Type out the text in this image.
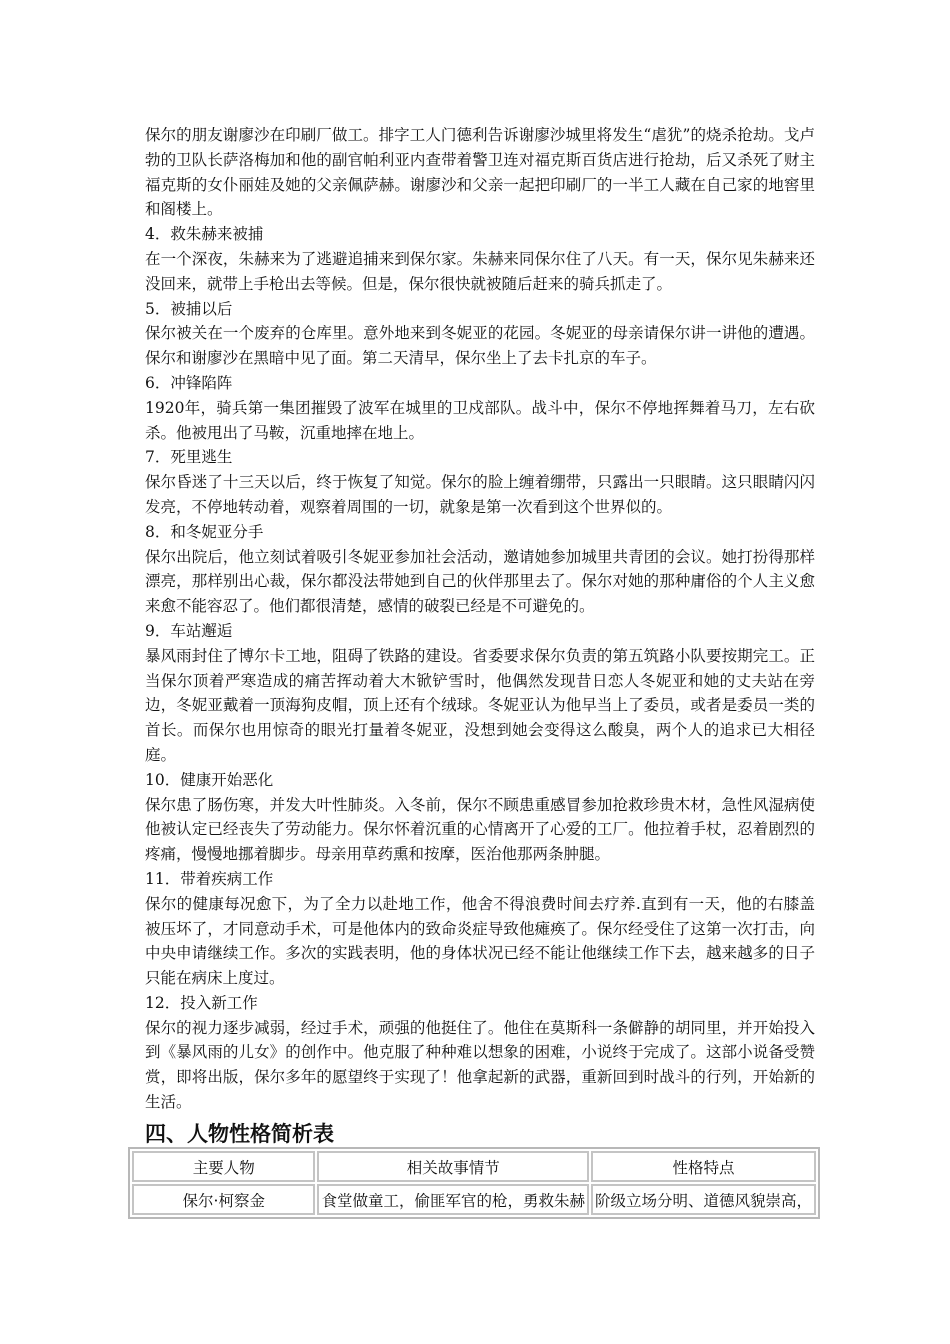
保尔的朋友谢廖沙在印刷厂做工。排字工人门德利告诉谢廖沙城里将发生“虐犹”的烧杀抢劫。戈卢勃的卫队长萨洛梅加和他的副官帕利亚内查带着警卫连对福克斯百货店进行抢劫，后又杀死了财主福克斯的女仆丽娃及她的父亲佩萨赫。谢廖沙和父亲一起把印刷厂的一半工人藏在自己家的地窖里和阁楼上。

4．救朱赫来被捕

在一个深夜，朱赫来为了逃避追捕来到保尔家。朱赫来同保尔住了八天。有一天，保尔见朱赫来还没回来，就带上手枪出去等候。但是，保尔很快就被随后赶来的骑兵抓走了。

5．被捕以后

保尔被关在一个废弃的仓库里。意外地来到冬妮亚的花园。冬妮亚的母亲请保尔讲一讲他的遭遇。保尔和谢廖沙在黑暗中见了面。第二天清早，保尔坐上了去卡扎京的车子。

6．冲锋陷阵

1920年，骑兵第一集团摧毁了波军在城里的卫戍部队。战斗中，保尔不停地挥舞着马刀，左右砍杀。他被甩出了马鞍，沉重地摔在地上。

7．死里逃生

保尔昏迷了十三天以后，终于恢复了知觉。保尔的脸上缠着绷带，只露出一只眼睛。这只眼睛闪闪发亮，不停地转动着，观察着周围的一切，就象是第一次看到这个世界似的。

8．和冬妮亚分手

保尔出院后，他立刻试着吸引冬妮亚参加社会活动，邀请她参加城里共青团的会议。她打扮得那样漂亮，那样别出心裁，保尔都没法带她到自己的伙伴那里去了。保尔对她的那种庸俗的个人主义愈来愈不能容忍了。他们都很清楚，感情的破裂已经是不可避免的。

9．车站邂逅

暴风雨封住了博尔卡工地，阻碍了铁路的建设。省委要求保尔负责的第五筑路小队要按期完工。正当保尔顶着严寒造成的痛苦挥动着大木锨铲雪时，他偶然发现昔日恋人冬妮亚和她的丈夫站在旁边，冬妮亚戴着一顶海狗皮帽，顶上还有个绒球。冬妮亚认为他早当上了委员，或者是委员一类的首长。而保尔也用惊奇的眼光打量着冬妮亚，没想到她会变得这么酸臭，两个人的追求已大相径庭。

10．健康开始恶化

保尔患了肠伤寒，并发大叶性肺炎。入冬前，保尔不顾患重感冒参加抢救珍贵木材，急性风湿病使他被认定已经丧失了劳动能力。保尔怀着沉重的心情离开了心爱的工厂。他拉着手杖，忍着剧烈的疼痛，慢慢地挪着脚步。母亲用草药熏和按摩，医治他那两条肿腿。

11．带着疾病工作

保尔的健康每况愈下，为了全力以赴地工作，他舍不得浪费时间去疗养.直到有一天，他的右膝盖被压坏了，才同意动手术，可是他体内的致命炎症导致他瘫痪了。保尔经受住了这第一次打击，向中央申请继续工作。多次的实践表明，他的身体状况已经不能让他继续工作下去，越来越多的日子只能在病床上度过。

12．投入新工作

保尔的视力逐步减弱，经过手术，顽强的他挺住了。他住在莫斯科一条僻静的胡同里，并开始投入到《暴风雨的儿女》的创作中。他克服了种种难以想象的困难，小说终于完成了。这部小说备受赞赏，即将出版，保尔多年的愿望终于实现了！他拿起新的武器，重新回到时战斗的行列，开始新的生活。

四、人物性格简析表
主要人物	相关故事情节	性格特点
保尔·柯察金	食堂做童工，偷匪军官的枪，勇救朱赫	阶级立场分明、道德风貌崇高，
